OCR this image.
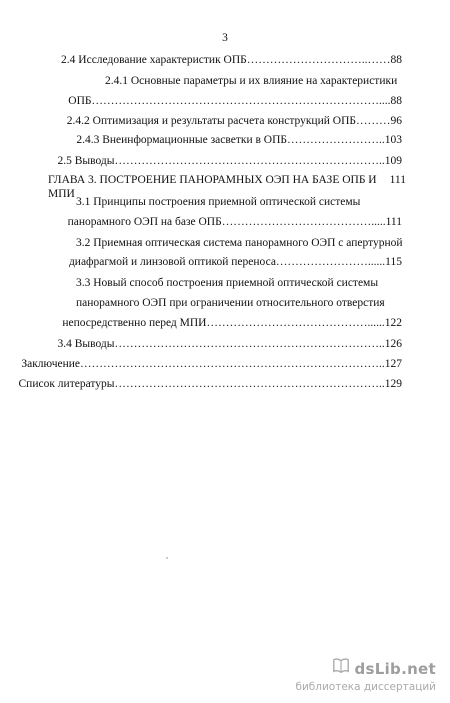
3
2.4 Исследование характеристик ОПБ…………………………..……88
2.4.1 Основные параметры и их влияние на характеристики
ОПБ…………………………………………………………………....88
2.4.2 Оптимизация и результаты расчета конструкций ОПБ………96
2.4.3 Внеинформационные засветки в ОПБ……………………..103
2.5 Выводы……………………………………………………………..109
ГЛАВА 3. ПОСТРОЕНИЕ ПАНОРАМНЫХ ОЭП НА БАЗЕ ОПБ И МПИ
111
3.1 Принципы построения приемной оптической системы
панорамного ОЭП на базе ОПБ………………………………….....111
3.2 Приемная оптическая система панорамного ОЭП с апертурной
диафрагмой и линзовой оптикой переноса……………………......115
3.3 Новый способ построения приемной оптической системы
панорамного ОЭП при ограничении относительного отверстия
непосредственно перед МПИ……………………………………......122
3.4 Выводы……………………………………………………………..126
Заключение……………………………………………………………………..127
Список литературы……………………………………………………………..129
dsLib.net
библиотека диссертаций
